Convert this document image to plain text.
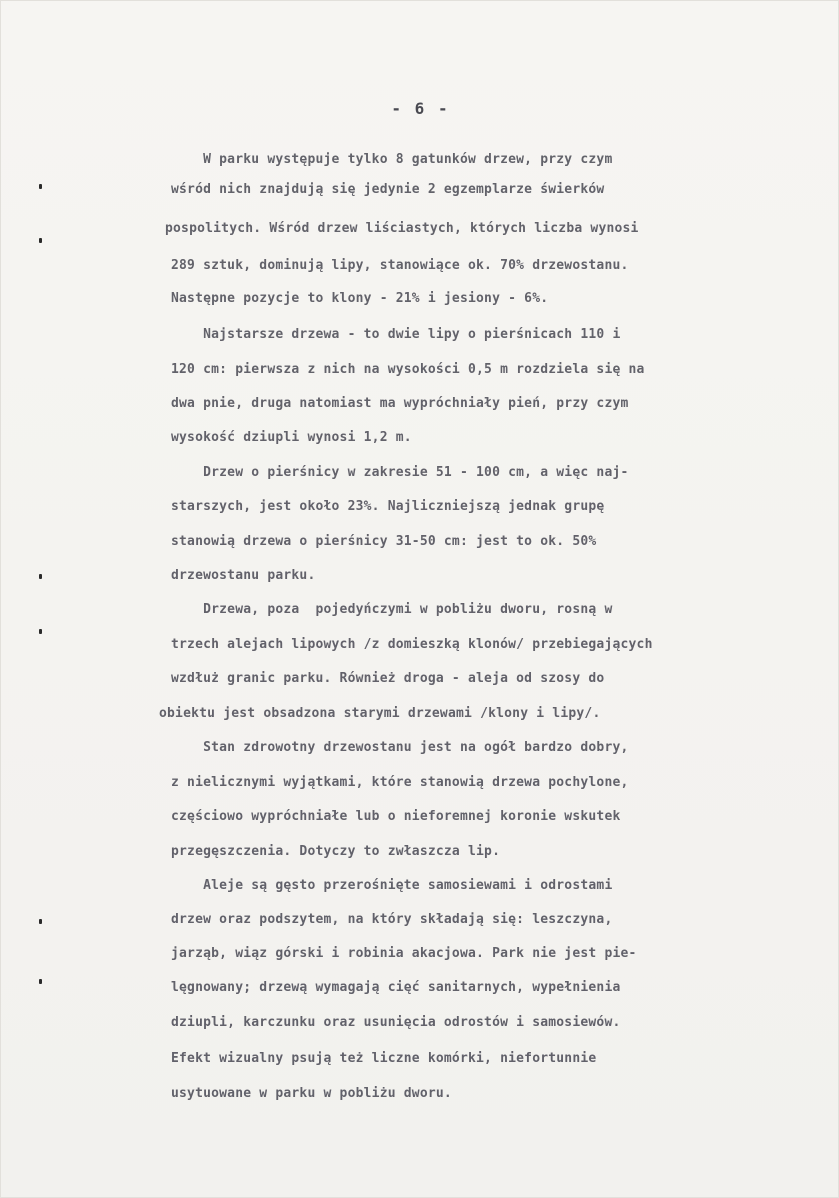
- 6 -
W parku występuje tylko 8 gatunków drzew, przy czym
wśród nich znajdują się jedynie 2 egzemplarze świerków
pospolitych. Wśród drzew liściastych, których liczba wynosi
289 sztuk, dominują lipy, stanowiące ok. 70% drzewostanu.
Następne pozycje to klony - 21% i jesiony - 6%.
Najstarsze drzewa - to dwie lipy o pierśnicach 110 i
120 cm: pierwsza z nich na wysokości 0,5 m rozdziela się na
dwa pnie, druga natomiast ma wypróchniały pień, przy czym
wysokość dziupli wynosi 1,2 m.
Drzew o pierśnicy w zakresie 51 - 100 cm, a więc naj-
starszych, jest około 23%. Najliczniejszą jednak grupę
stanowią drzewa o pierśnicy 31-50 cm: jest to ok. 50%
drzewostanu parku.
Drzewa, poza  pojedyńczymi w pobliżu dworu, rosną w
trzech alejach lipowych /z domieszką klonów/ przebiegających
wzdłuż granic parku. Również droga - aleja od szosy do
obiektu jest obsadzona starymi drzewami /klony i lipy/.
Stan zdrowotny drzewostanu jest na ogół bardzo dobry,
z nielicznymi wyjątkami, które stanowią drzewa pochylone,
częściowo wypróchniałe lub o nieforemnej koronie wskutek
przegęszczenia. Dotyczy to zwłaszcza lip.
Aleje są gęsto przerośnięte samosiewami i odrostami
drzew oraz podszytem, na który składają się: leszczyna,
jarząb, wiąz górski i robinia akacjowa. Park nie jest pie-
lęgnowany; drzewą wymagają cięć sanitarnych, wypełnienia
dziupli, karczunku oraz usunięcia odrostów i samosiewów.
Efekt wizualny psują też liczne komórki, niefortunnie
usytuowane w parku w pobliżu dworu.
